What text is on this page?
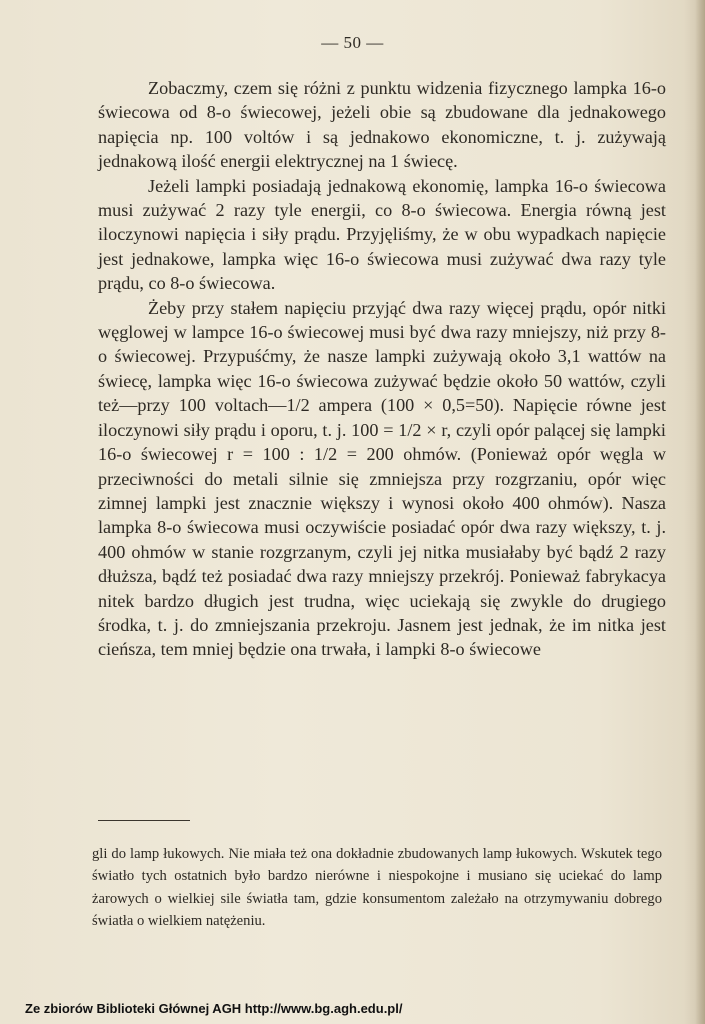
— 50 —

Zobaczmy, czem się różni z punktu widzenia fizycznego lampka 16-o świecowa od 8-o świecowej, jeżeli obie są zbudowane dla jednakowego napięcia np. 100 voltów i są jednakowo ekonomiczne, t. j. zużywają jednakową ilość energii elektrycznej na 1 świecę.

Jeżeli lampki posiadają jednakową ekonomię, lampka 16-o świecowa musi zużywać 2 razy tyle energii, co 8-o świecowa. Energia równą jest iloczynowi napięcia i siły prądu. Przyjęliśmy, że w obu wypadkach napięcie jest jednakowe, lampka więc 16-o świecowa musi zużywać dwa razy tyle prądu, co 8-o świecowa.

Żeby przy stałem napięciu przyjąć dwa razy więcej prądu, opór nitki węglowej w lampce 16-o świecowej musi być dwa razy mniejszy, niż przy 8-o świecowej. Przypuśćmy, że nasze lampki zużywają około 3,1 wattów na świecę, lampka więc 16-o świecowa zużywać będzie około 50 wattów, czyli też—przy 100 voltach—1/2 ampera (100 × 0,5=50). Napięcie równe jest iloczynowi siły prądu i oporu, t. j. 100 = 1/2 × r, czyli opór palącej się lampki 16-o świecowej r = 100 : 1/2 = 200 ohmów. (Ponieważ opór węgla w przeciwności do metali silnie się zmniejsza przy rozgrzaniu, opór więc zimnej lampki jest znacznie większy i wynosi około 400 ohmów). Nasza lampka 8-o świecowa musi oczywiście posiadać opór dwa razy większy, t. j. 400 ohmów w stanie rozgrzanym, czyli jej nitka musiałaby być bądź 2 razy dłuższa, bądź też posiadać dwa razy mniejszy przekrój. Ponieważ fabrykacya nitek bardzo długich jest trudna, więc uciekają się zwykle do drugiego środka, t. j. do zmniejszania przekroju. Jasnem jest jednak, że im nitka jest cieńsza, tem mniej będzie ona trwała, i lampki 8-o świecowe

gli do lamp łukowych. Nie miała też ona dokładnie zbudowanych lamp łukowych. Wskutek tego światło tych ostatnich było bardzo nierówne i niespokojne i musiano się uciekać do lamp żarowych o wielkiej sile światła tam, gdzie konsumentom zależało na otrzymywaniu dobrego światła o wielkiem natężeniu.

Ze zbiorów Biblioteki Głównej AGH http://www.bg.agh.edu.pl/
